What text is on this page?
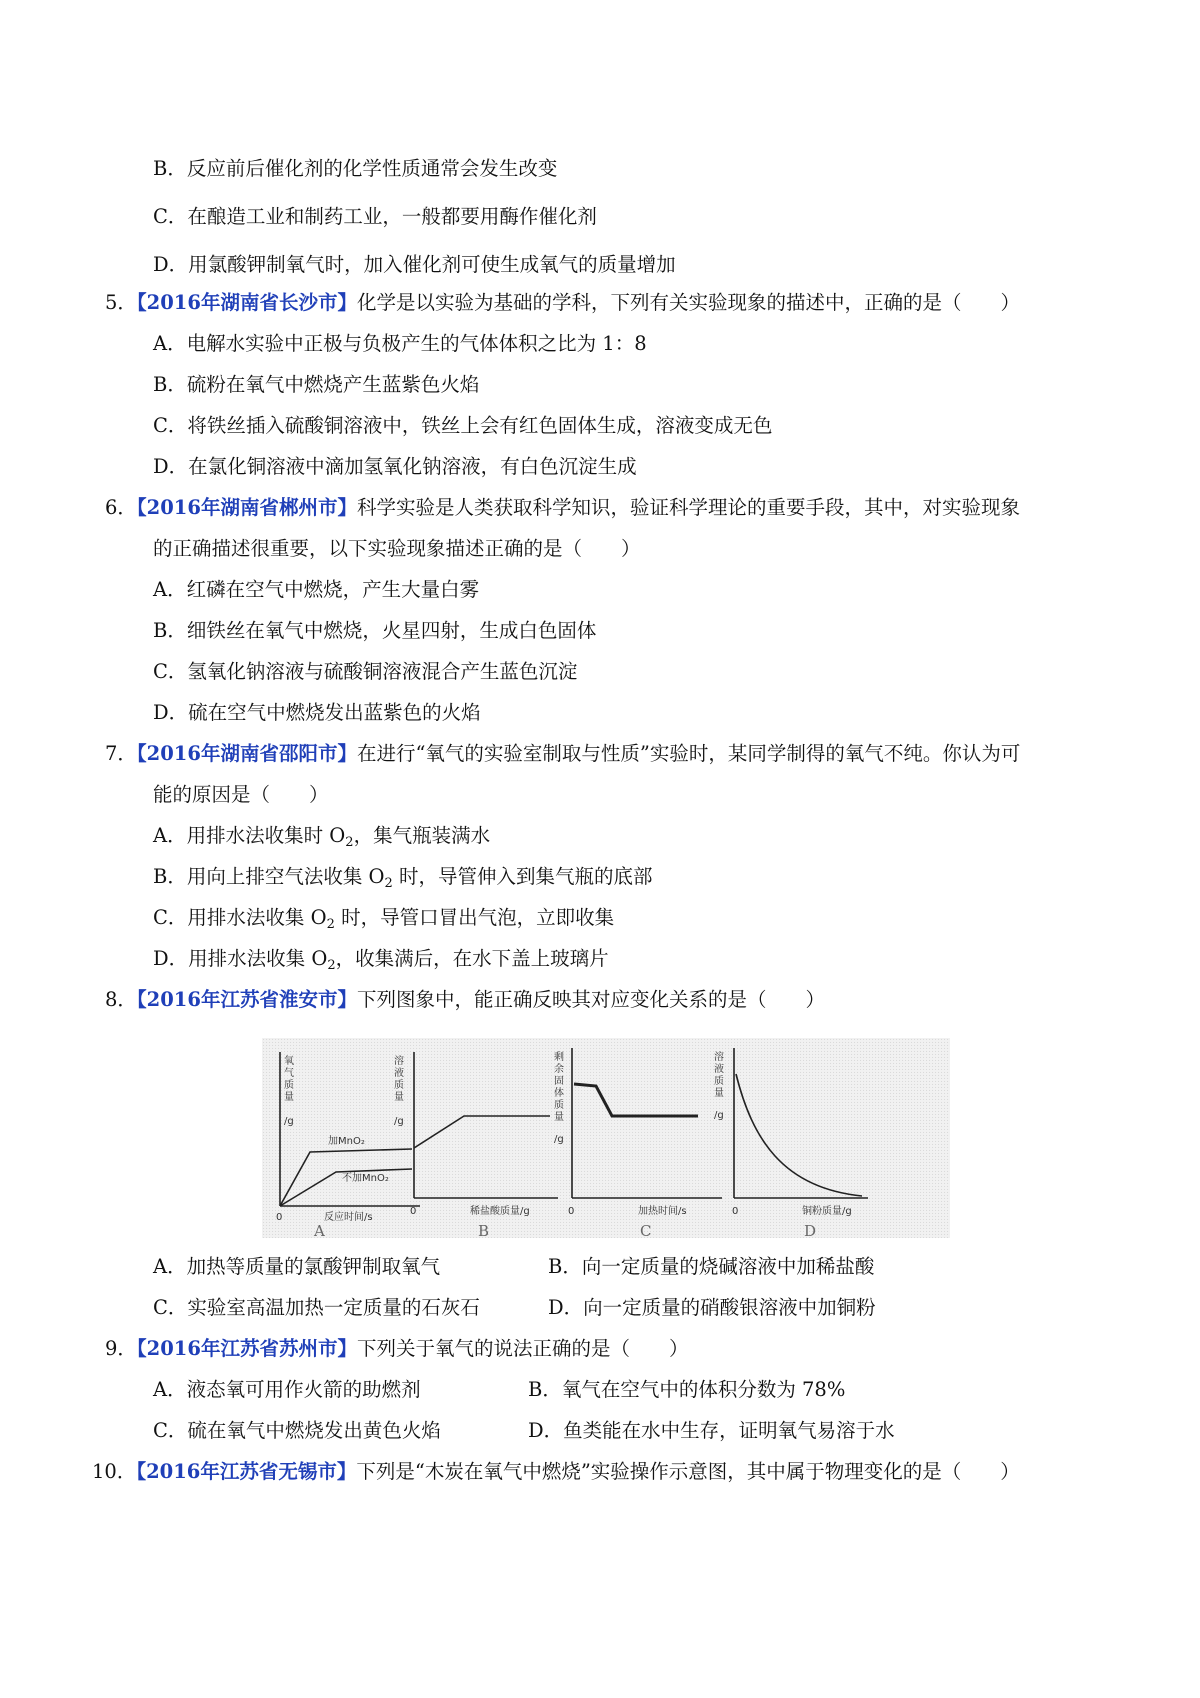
B．反应前后催化剂的化学性质通常会发生改变
C．在酿造工业和制药工业，一般都要用酶作催化剂
D．用氯酸钾制氧气时，加入催化剂可使生成氧气的质量增加
5．【2016年湖南省长沙市】化学是以实验为基础的学科，下列有关实验现象的描述中，正确的是（　　）
A．电解水实验中正极与负极产生的气体体积之比为 1：8
B．硫粉在氧气中燃烧产生蓝紫色火焰
C．将铁丝插入硫酸铜溶液中，铁丝上会有红色固体生成，溶液变成无色
D．在氯化铜溶液中滴加氢氧化钠溶液，有白色沉淀生成
6．【2016年湖南省郴州市】科学实验是人类获取科学知识，验证科学理论的重要手段，其中，对实验现象
的正确描述很重要，以下实验现象描述正确的是（　　）
A．红磷在空气中燃烧，产生大量白雾
B．细铁丝在氧气中燃烧，火星四射，生成白色固体
C．氢氧化钠溶液与硫酸铜溶液混合产生蓝色沉淀
D．硫在空气中燃烧发出蓝紫色的火焰
7．【2016年湖南省邵阳市】在进行“氧气的实验室制取与性质”实验时，某同学制得的氧气不纯。你认为可
能的原因是（　　）
A．用排水法收集时 $O_2$，集气瓶装满水
B．用向上排空气法收集 $O_2$ 时，导管伸入到集气瓶的底部
C．用排水法收集 $O_2$ 时，导管口冒出气泡，立即收集
D．用排水法收集 $O_2$，收集满后，在水下盖上玻璃片
8．【2016年江苏省淮安市】下列图象中，能正确反映其对应变化关系的是（　　）
氧
气
质
量
/g
加MnO₂
不加MnO₂
0	反应时间/s
A
溶
液
质
量
/g
0	稀盐酸质量/g
B
剩
余
固
体
质
量
/g
0	加热时间/s
C
溶
液
质
量
/g
0	铜粉质量/g
D
A．加热等质量的氯酸钾制取氧气	B．向一定质量的烧碱溶液中加稀盐酸
C．实验室高温加热一定质量的石灰石	D．向一定质量的硝酸银溶液中加铜粉
9．【2016年江苏省苏州市】下列关于氧气的说法正确的是（　　）
A．液态氧可用作火箭的助燃剂	B．氧气在空气中的体积分数为 78%
C．硫在氧气中燃烧发出黄色火焰	D．鱼类能在水中生存，证明氧气易溶于水
10．【2016年江苏省无锡市】下列是“木炭在氧气中燃烧”实验操作示意图，其中属于物理变化的是（　　）
